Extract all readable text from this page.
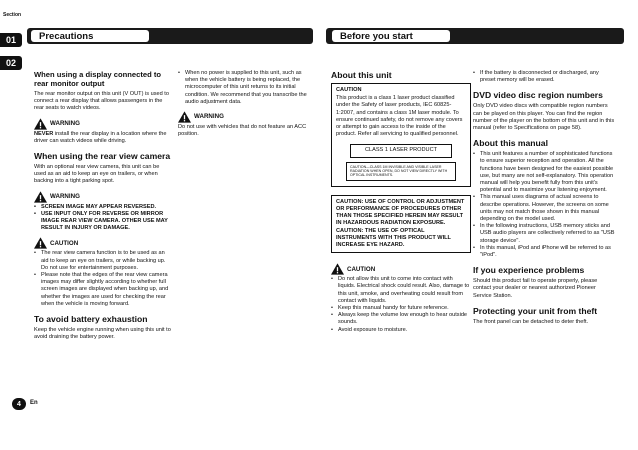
Section
01
02
Precautions	Before you start
When using a display connected to rear monitor output

The rear monitor output on this unit (V OUT) is used to connect a rear display that allows passengers in the rear seats to watch videos.

WARNING

NEVER install the rear display in a location where the driver can watch videos while driving.

When using the rear view camera

With an optional rear view camera, this unit can be used as an aid to keep an eye on trailers, or when backing into a tight parking spot.

WARNING
• SCREEN IMAGE MAY APPEAR REVERSED.
• USE INPUT ONLY FOR REVERSE OR MIRROR IMAGE REAR VIEW CAMERA. OTHER USE MAY RESULT IN INJURY OR DAMAGE.
CAUTION
• The rear view camera function is to be used as an aid to keep an eye on trailers, or while backing up. Do not use for entertainment purposes.
• Please note that the edges of the rear view camera images may differ slightly according to whether full screen images are displayed when backing up, and whether the images are used for checking the rear when the vehicle is moving forward.
To avoid battery exhaustion

Keep the vehicle engine running when using this unit to avoid draining the battery power.

• When no power is supplied to this unit, such as when the vehicle battery is being replaced, the microcomputer of this unit returns to its initial condition. We recommend that you transcribe the audio adjustment data.
WARNING

Do not use with vehicles that do not feature an ACC position.

About this unit
CAUTION
This product is a class 1 laser product classified under the Safety of laser products, IEC 60825-1:2007, and contains a class 1M laser module. To ensure continued safety, do not remove any covers or attempt to gain access to the inside of the product. Refer all servicing to qualified personnel.
CLASS 1 LASER PRODUCT
CAUTION—CLASS 1M INVISIBLE AND VISIBLE LASER RADIATION WHEN OPEN, DO NOT VIEW DIRECTLY WITH OPTICAL INSTRUMENTS.
CAUTION: USE OF CONTROL OR ADJUSTMENT OR PERFORMANCE OF PROCEDURES OTHER THAN THOSE SPECIFIED HEREIN MAY RESULT IN HAZARDOUS RADIATION EXPOSURE. CAUTION: THE USE OF OPTICAL INSTRUMENTS WITH THIS PRODUCT WILL INCREASE EYE HAZARD.
CAUTION
• Do not allow this unit to come into contact with liquids. Electrical shock could result. Also, damage to this unit, smoke, and overheating could result from contact with liquids.
• Keep this manual handy for future reference.
• Always keep the volume low enough to hear outside sounds.
• Avoid exposure to moisture.
• If the battery is disconnected or discharged, any preset memory will be erased.
DVD video disc region numbers

Only DVD video discs with compatible region numbers can be played on this player. You can find the region number of the player on the bottom of this unit and in this manual (refer to Specifications on page 58).

About this manual
• This unit features a number of sophisticated functions to ensure superior reception and operation. All the functions have been designed for the easiest possible use, but many are not self-explanatory. This operation manual will help you benefit fully from this unit's potential and to maximize your listening enjoyment.
• This manual uses diagrams of actual screens to describe operations. However, the screens on some units may not match those shown in this manual depending on the model used.
• In the following instructions, USB memory sticks and USB audio players are collectively referred to as "USB storage device".
• In this manual, iPod and iPhone will be referred to as "iPod".
If you experience problems

Should this product fail to operate properly, please contact your dealer or nearest authorized Pioneer Service Station.

Protecting your unit from theft

The front panel can be detached to deter theft.

4	En
